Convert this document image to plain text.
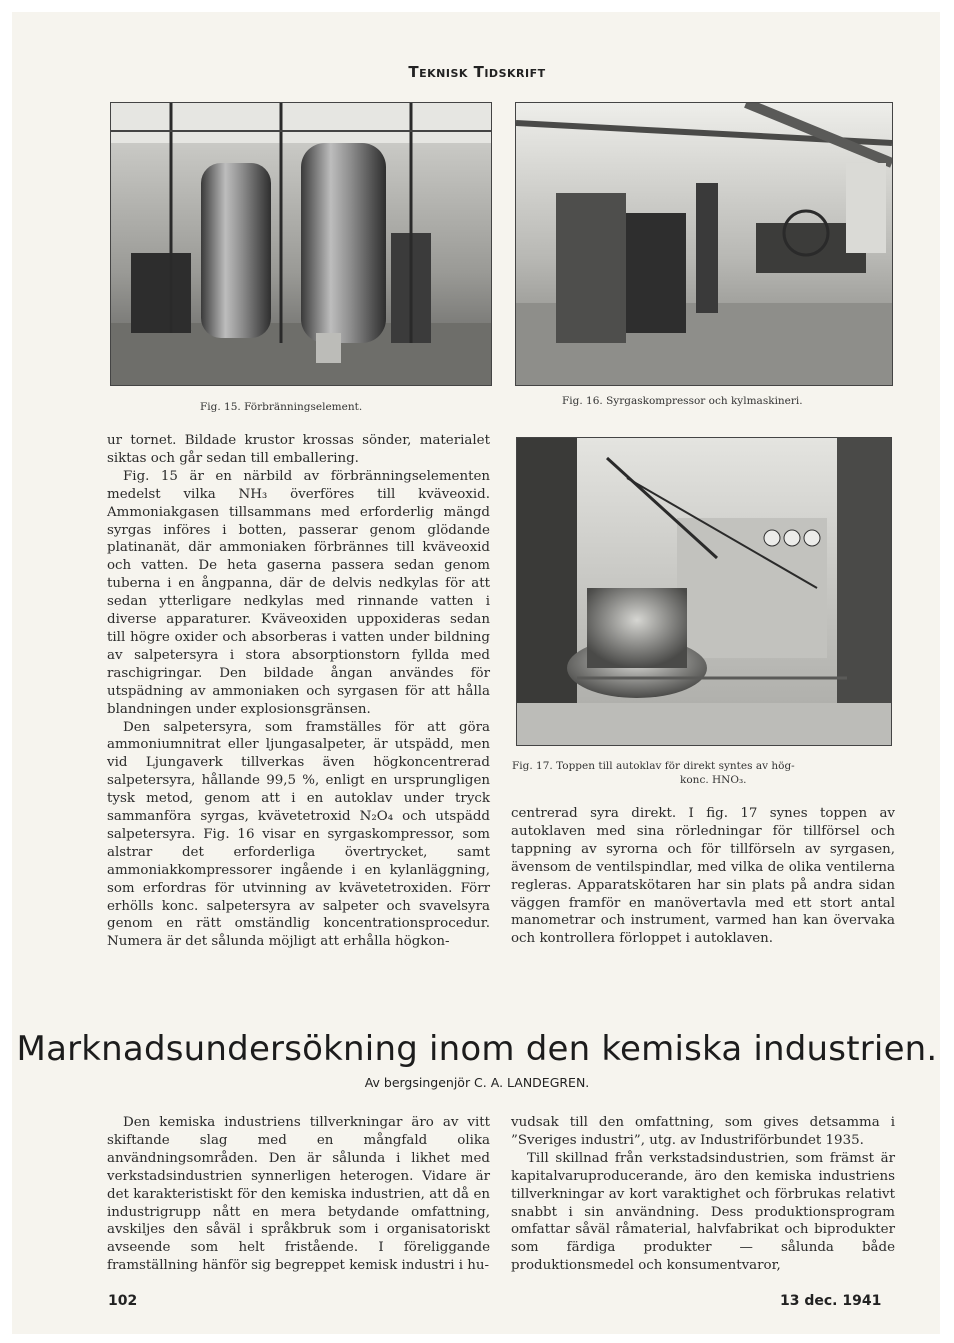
Teknisk Tidskrift
Fig. 15. Förbränningselement.	Fig. 16. Syrgaskompressor och kylmaskineri.

ur tornet. Bildade krustor krossas sönder, materialet siktas och går sedan till emballering.

Fig. 15 är en närbild av förbränningselementen medelst vilka NH₃ överföres till kväveoxid. Ammoniakgasen tillsammans med erforderlig mängd syrgas införes i botten, passerar genom glödande platinanät, där ammoniaken förbrännes till kväveoxid och vatten. De heta gaserna passera sedan genom tuberna i en ångpanna, där de delvis nedkylas för att sedan ytterligare nedkylas med rinnande vatten i diverse apparaturer. Kväveoxiden uppoxideras sedan till högre oxider och absorberas i vatten under bildning av salpetersyra i stora absorptionstorn fyllda med raschigringar. Den bildade ångan användes för utspädning av ammoniaken och syrgasen för att hålla blandningen under explosionsgränsen.

Den salpetersyra, som framställes för att göra ammoniumnitrat eller ljungasalpeter, är utspädd, men vid Ljungaverk tillverkas även högkoncentrerad salpetersyra, hållande 99,5 %, enligt en ursprungligen tysk metod, genom att i en autoklav under tryck sammanföra syrgas, kvävetetroxid N₂O₄ och utspädd salpetersyra. Fig. 16 visar en syrgaskompressor, som alstrar det erforderliga övertrycket, samt ammoniakkompressorer ingående i en kylanläggning, som erfordras för utvinning av kvävetetroxiden. Förr erhölls konc. salpetersyra av salpeter och svavelsyra genom en rätt omständlig koncentrationsprocedur. Numera är det sålunda möjligt att erhålla högkon-

Fig. 17. Toppen till autoklav för direkt syntes av hög-
konc. HNO₃.

centrerad syra direkt. I fig. 17 synes toppen av autoklaven med sina rörledningar för tillförsel och tappning av syrorna och för tillförseln av syrgasen, ävensom de ventilspindlar, med vilka de olika ventilerna regleras. Apparatskötaren har sin plats på andra sidan väggen framför en manövertavla med ett stort antal manometrar och instrument, varmed han kan övervaka och kontrollera förloppet i autoklaven.

Marknadsundersökning inom den kemiska industrien.
Av bergsingenjör C. A. LANDEGREN.

Den kemiska industriens tillverkningar äro av vitt skiftande slag med en mångfald olika användningsområden. Den är sålunda i likhet med verkstadsindustrien synnerligen heterogen. Vidare är det karakteristiskt för den kemiska industrien, att då en industrigrupp nått en mera betydande omfattning, avskiljes den såväl i språkbruk som i organisatoriskt avseende som helt fristående. I föreliggande framställning hänför sig begreppet kemisk industri i hu-

vudsak till den omfattning, som gives detsamma i ”Sveriges industri”, utg. av Industriförbundet 1935.

Till skillnad från verkstadsindustrien, som främst är kapitalvaruproducerande, äro den kemiska industriens tillverkningar av kort varaktighet och förbrukas relativt snabbt i sin användning. Dess produktionsprogram omfattar såväl råmaterial, halvfabrikat och biprodukter som färdiga produkter — sålunda både produktionsmedel och konsumentvaror,

102	13 dec. 1941
